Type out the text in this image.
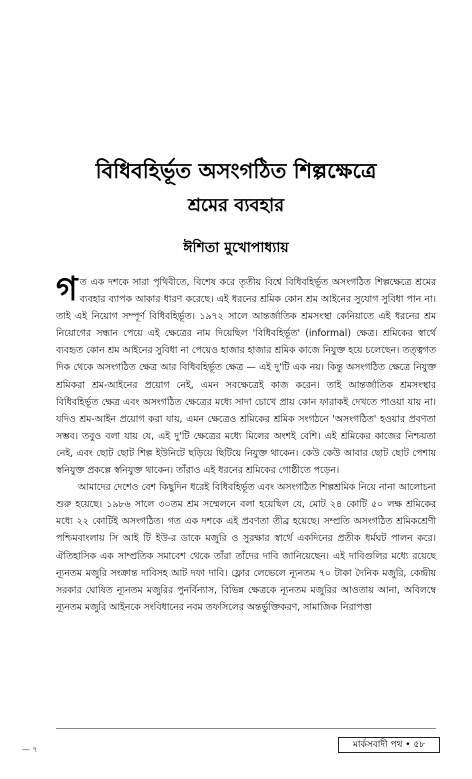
বিধিবহির্ভূত অসংগঠিত শিল্পক্ষেত্রে
শ্রমের ব্যবহার
ঈশিতা মুখোপাধ্যায়

গত এক দশকে সারা পৃথিবীতে, বিশেষ করে তৃতীয় বিশ্বে বিধিবহির্ভূত অসংগঠিত শিল্পক্ষেত্রে শ্রমের ব্যবহার ব্যাপক আকার ধারণ করেছে। এই ধরনের শ্রমিক কোন শ্রম আইনের সুযোগ সুবিধা পান না। তাই এই নিয়োগ সম্পূর্ণ বিধিবহির্ভূত। ১৯৭২ সালে আন্তর্জাতিক শ্রমসংস্থা কেনিয়াতে এই ধরনের শ্রম নিয়োগের সন্ধান পেয়ে এই ক্ষেত্রের নাম দিয়েছিল 'বিধিবহির্ভূত' (informal) ক্ষেত্র। শ্রমিকের স্বার্থে ব্যবহৃত কোন শ্রম আইনের সুবিধা না পেয়েও হাজার হাজার শ্রমিক কাজে নিযুক্ত হয়ে চলেছেন। তত্ত্বগত দিক থেকে অসংগঠিত ক্ষেত্র আর বিধিবহির্ভূত ক্ষেত্র — এই দু'টি এক নয়। কিন্তু অসংগঠিত ক্ষেত্রে নিযুক্ত শ্রমিকরা শ্রম-আইনের প্রয়োগ নেই, এমন সবক্ষেত্রেই কাজ করেন। তাই আন্তর্জাতিক শ্রমসংস্থার বিধিবহির্ভূত ক্ষেত্র এবং অসংগঠিত ক্ষেত্রের মধ্যে সাদা চোখে প্রায় কোন ফারাকই দেখতে পাওয়া যায় না। যদিও শ্রম-আইন প্রয়োগ করা যায়, এমন ক্ষেত্রেও শ্রমিকের শ্রমিক সংগঠনে 'অসংগঠিত' হওয়ার প্রবণতা সম্ভব। তবুও বলা যায় যে, এই দু'টি ক্ষেত্রের মধ্যে মিলের অংশই বেশি। এই শ্রমিকের কাজের নিশ্চয়তা নেই, এবং ছোট ছোট শিল্প ইউনিটে ছড়িয়ে ছিটিয়ে নিযুক্ত থাকেন। কেউ কেউ আবার ছোট ছোট পেশায় স্বনিযুক্ত প্রকল্পে স্বনিযুক্ত থাকেন। তাঁরাও এই ধরনের শ্রমিকের গোষ্ঠীতে পড়েন।

আমাদের দেশেও বেশ কিছুদিন ধরেই বিধিবহির্ভূত এবং অসংগঠিত শিল্পশ্রমিক নিয়ে নানা আলোচনা শুরু হয়েছে। ১৯৮৬ সালে ৩০তম শ্রম সম্মেলনে বলা হয়েছিল যে, মোট ২৪ কোটি ৫০ লক্ষ শ্রমিকের মধ্যে ২২ কোটিই অসংগঠিত। গত এক দশকে এই প্রবণতা তীব্র হয়েছে। সম্প্রতি অসংগঠিত শ্রমিকশ্রেণী পশ্চিমবাংলায় সি আই টি ইউ-র ডাকে মজুরি ও সুরক্ষার স্বার্থে একদিনের প্রতীক ধর্মঘট পালন করে। ঐতিহাসিক এক সাম্প্রতিক সমাবেশ থেকে তাঁরা তাঁদের দাবি জানিয়েছেন। এই দাবিগুলির মধ্যে রয়েছে ন্যূনতম মজুরি সংক্রান্ত দাবিসহ আট দফা দাবি। ফ্লোর লেভেলে ন্যূনতম ৭০ টাকা দৈনিক মজুরি, কেন্দ্রীয় সরকার ঘোষিত ন্যূনতম মজুরির পুনর্বিন্যাস, বিভিন্ন ক্ষেত্রকে ন্যূনতম মজুরির আওতায় আনা, অবিলম্বে ন্যূনতম মজুরি আইনকে সংবিধানের নবম তফসিলের অন্তর্ভুক্তিকরণ, সামাজিক নিরাপত্তা

মার্কসবাদী পথ • ৫৮
— ৭
